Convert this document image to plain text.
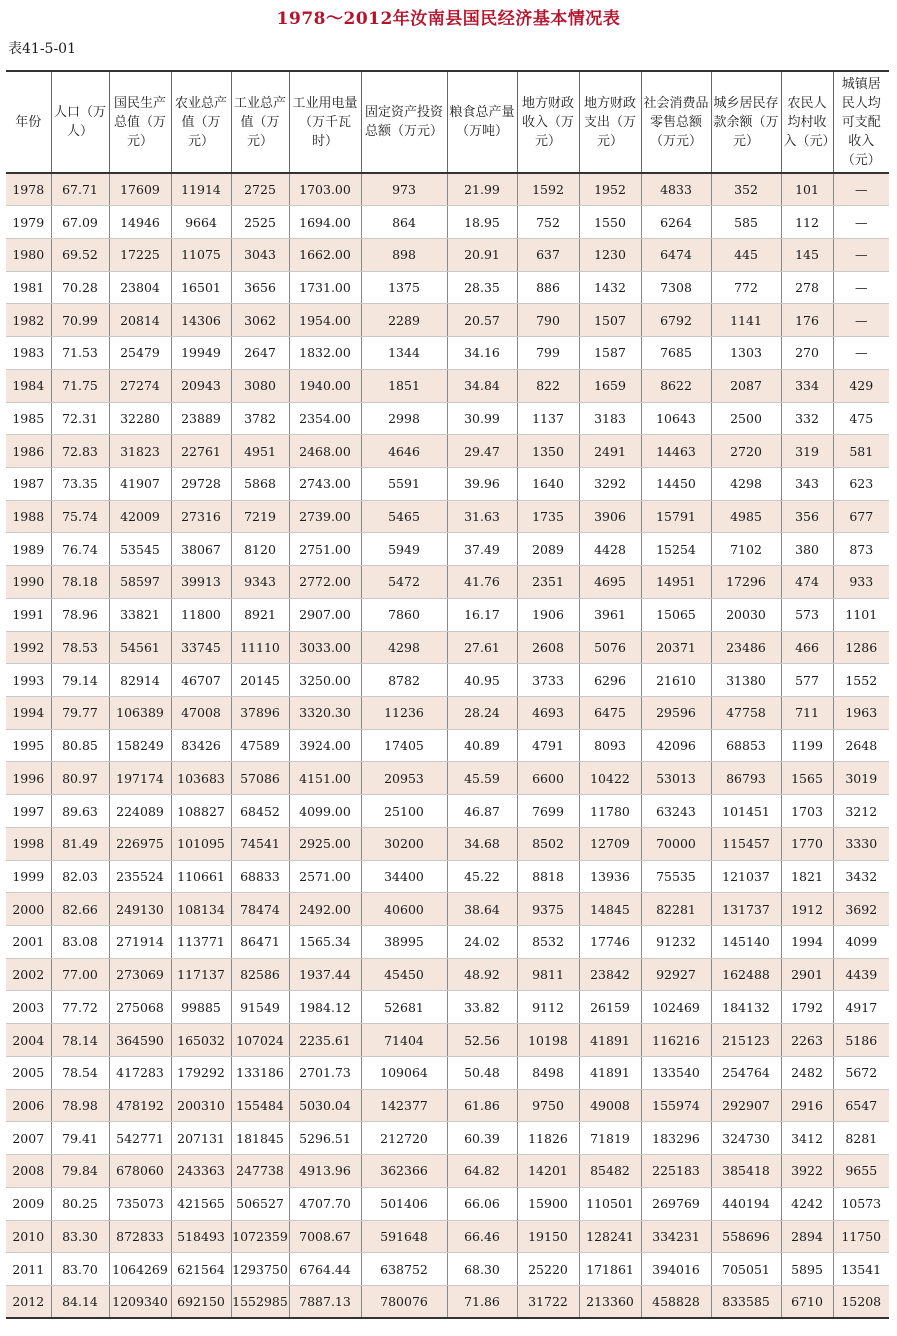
1978～2012年汝南县国民经济基本情况表
表41-5-01
年份	人口（万人）	国民生产总值（万元）	农业总产值（万元）	工业总产值（万元）	工业用电量（万千瓦时）	固定资产投资总额（万元）	粮食总产量（万吨）	地方财政收入（万元）	地方财政支出（万元）	社会消费品零售总额（万元）	城乡居民存款余额（万元）	农民人均村收入（元）	城镇居民人均可支配收入（元）
1978	67.71	17609	11914	2725	1703.00	973	21.99	1592	1952	4833	352	101	—
1979	67.09	14946	9664	2525	1694.00	864	18.95	752	1550	6264	585	112	—
1980	69.52	17225	11075	3043	1662.00	898	20.91	637	1230	6474	445	145	—
1981	70.28	23804	16501	3656	1731.00	1375	28.35	886	1432	7308	772	278	—
1982	70.99	20814	14306	3062	1954.00	2289	20.57	790	1507	6792	1141	176	—
1983	71.53	25479	19949	2647	1832.00	1344	34.16	799	1587	7685	1303	270	—
1984	71.75	27274	20943	3080	1940.00	1851	34.84	822	1659	8622	2087	334	429
1985	72.31	32280	23889	3782	2354.00	2998	30.99	1137	3183	10643	2500	332	475
1986	72.83	31823	22761	4951	2468.00	4646	29.47	1350	2491	14463	2720	319	581
1987	73.35	41907	29728	5868	2743.00	5591	39.96	1640	3292	14450	4298	343	623
1988	75.74	42009	27316	7219	2739.00	5465	31.63	1735	3906	15791	4985	356	677
1989	76.74	53545	38067	8120	2751.00	5949	37.49	2089	4428	15254	7102	380	873
1990	78.18	58597	39913	9343	2772.00	5472	41.76	2351	4695	14951	17296	474	933
1991	78.96	33821	11800	8921	2907.00	7860	16.17	1906	3961	15065	20030	573	1101
1992	78.53	54561	33745	11110	3033.00	4298	27.61	2608	5076	20371	23486	466	1286
1993	79.14	82914	46707	20145	3250.00	8782	40.95	3733	6296	21610	31380	577	1552
1994	79.77	106389	47008	37896	3320.30	11236	28.24	4693	6475	29596	47758	711	1963
1995	80.85	158249	83426	47589	3924.00	17405	40.89	4791	8093	42096	68853	1199	2648
1996	80.97	197174	103683	57086	4151.00	20953	45.59	6600	10422	53013	86793	1565	3019
1997	89.63	224089	108827	68452	4099.00	25100	46.87	7699	11780	63243	101451	1703	3212
1998	81.49	226975	101095	74541	2925.00	30200	34.68	8502	12709	70000	115457	1770	3330
1999	82.03	235524	110661	68833	2571.00	34400	45.22	8818	13936	75535	121037	1821	3432
2000	82.66	249130	108134	78474	2492.00	40600	38.64	9375	14845	82281	131737	1912	3692
2001	83.08	271914	113771	86471	1565.34	38995	24.02	8532	17746	91232	145140	1994	4099
2002	77.00	273069	117137	82586	1937.44	45450	48.92	9811	23842	92927	162488	2901	4439
2003	77.72	275068	99885	91549	1984.12	52681	33.82	9112	26159	102469	184132	1792	4917
2004	78.14	364590	165032	107024	2235.61	71404	52.56	10198	41891	116216	215123	2263	5186
2005	78.54	417283	179292	133186	2701.73	109064	50.48	8498	41891	133540	254764	2482	5672
2006	78.98	478192	200310	155484	5030.04	142377	61.86	9750	49008	155974	292907	2916	6547
2007	79.41	542771	207131	181845	5296.51	212720	60.39	11826	71819	183296	324730	3412	8281
2008	79.84	678060	243363	247738	4913.96	362366	64.82	14201	85482	225183	385418	3922	9655
2009	80.25	735073	421565	506527	4707.70	501406	66.06	15900	110501	269769	440194	4242	10573
2010	83.30	872833	518493	1072359	7008.67	591648	66.46	19150	128241	334231	558696	2894	11750
2011	83.70	1064269	621564	1293750	6764.44	638752	68.30	25220	171861	394016	705051	5895	13541
2012	84.14	1209340	692150	1552985	7887.13	780076	71.86	31722	213360	458828	833585	6710	15208
